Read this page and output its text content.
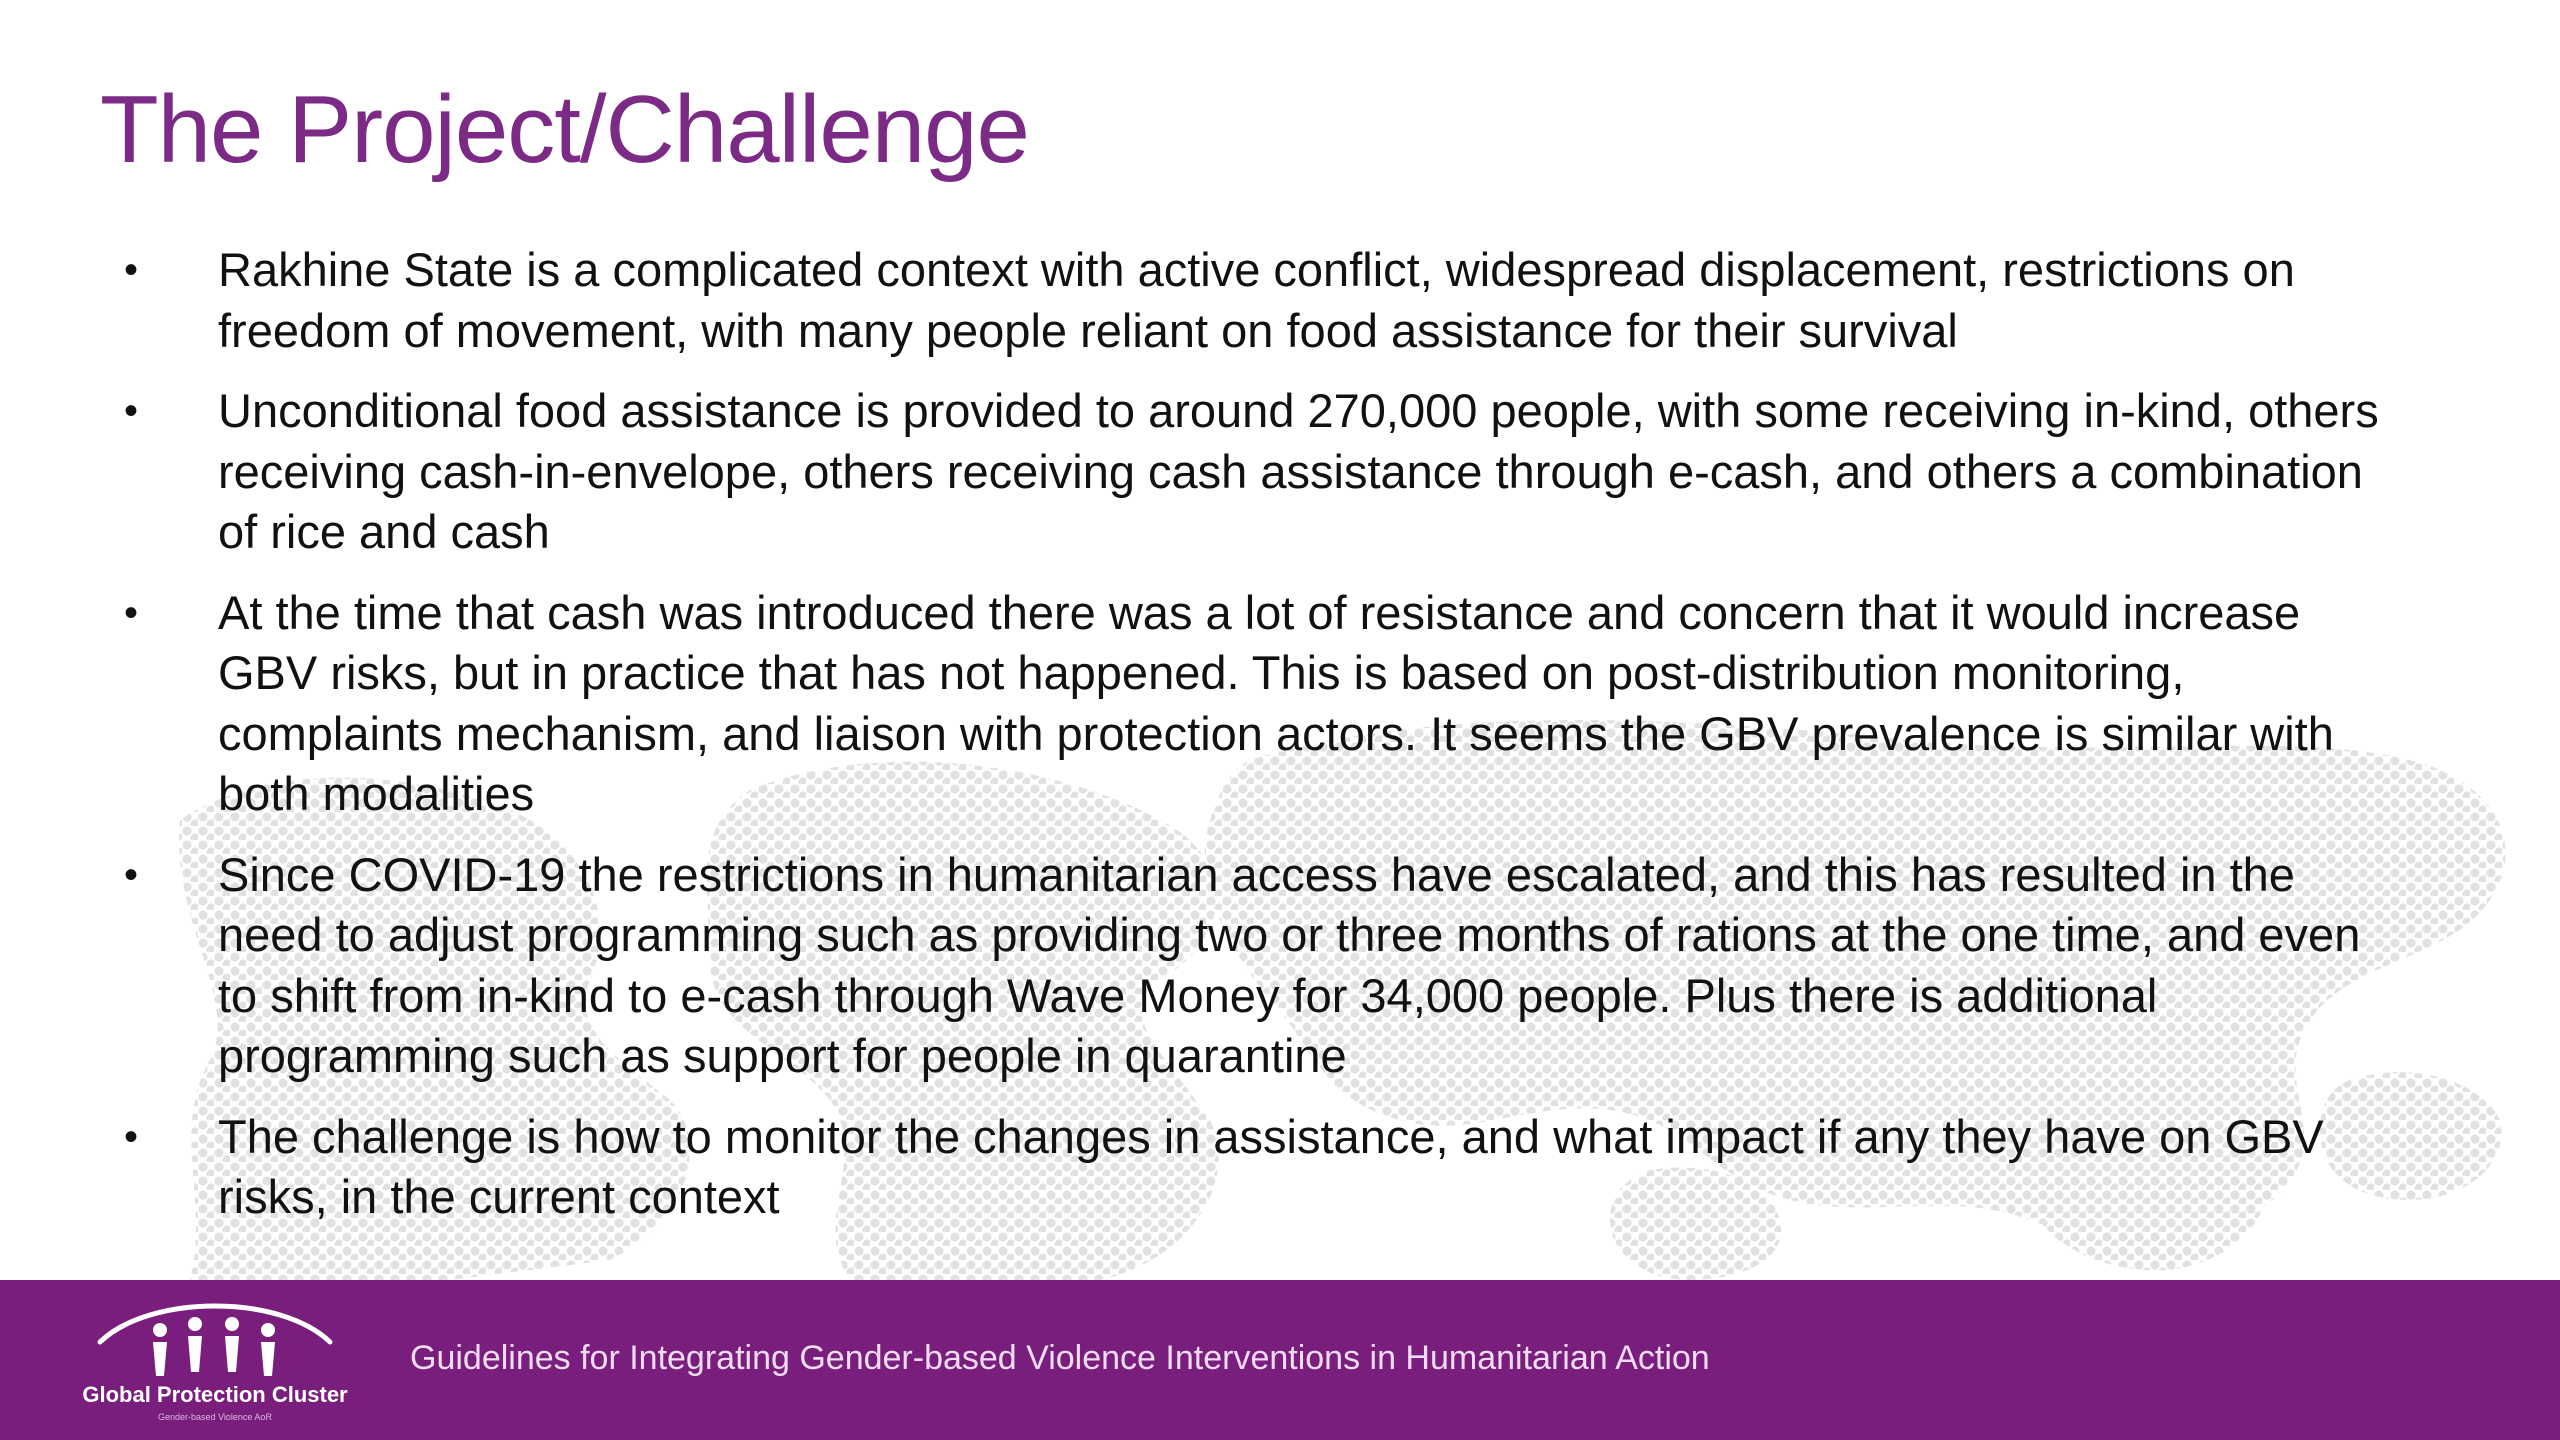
The Project/Challenge
• Rakhine State is a complicated context with active conflict, widespread displacement, restrictions on freedom of movement, with many people reliant on food assistance for their survival
• Unconditional food assistance is provided to around 270,000 people, with some receiving in-kind, others receiving cash-in-envelope, others receiving cash assistance through e-cash, and others a combination of rice and cash
• At the time that cash was introduced there was a lot of resistance and concern that it would increase GBV risks, but in practice that has not happened. This is based on post-distribution monitoring, complaints mechanism, and liaison with protection actors. It seems the GBV prevalence is similar with both modalities
• Since COVID-19 the restrictions in humanitarian access have escalated, and this has resulted in the need to adjust programming such as providing two or three months of rations at the one time, and even to shift from in-kind to e-cash through Wave Money for 34,000 people. Plus there is additional programming such as support for people in quarantine
• The challenge is how to monitor the changes in assistance, and what impact if any they have on GBV risks, in the current context
Global Protection Cluster
Gender-based Violence AoR
Guidelines for Integrating Gender-based Violence Interventions in Humanitarian Action
